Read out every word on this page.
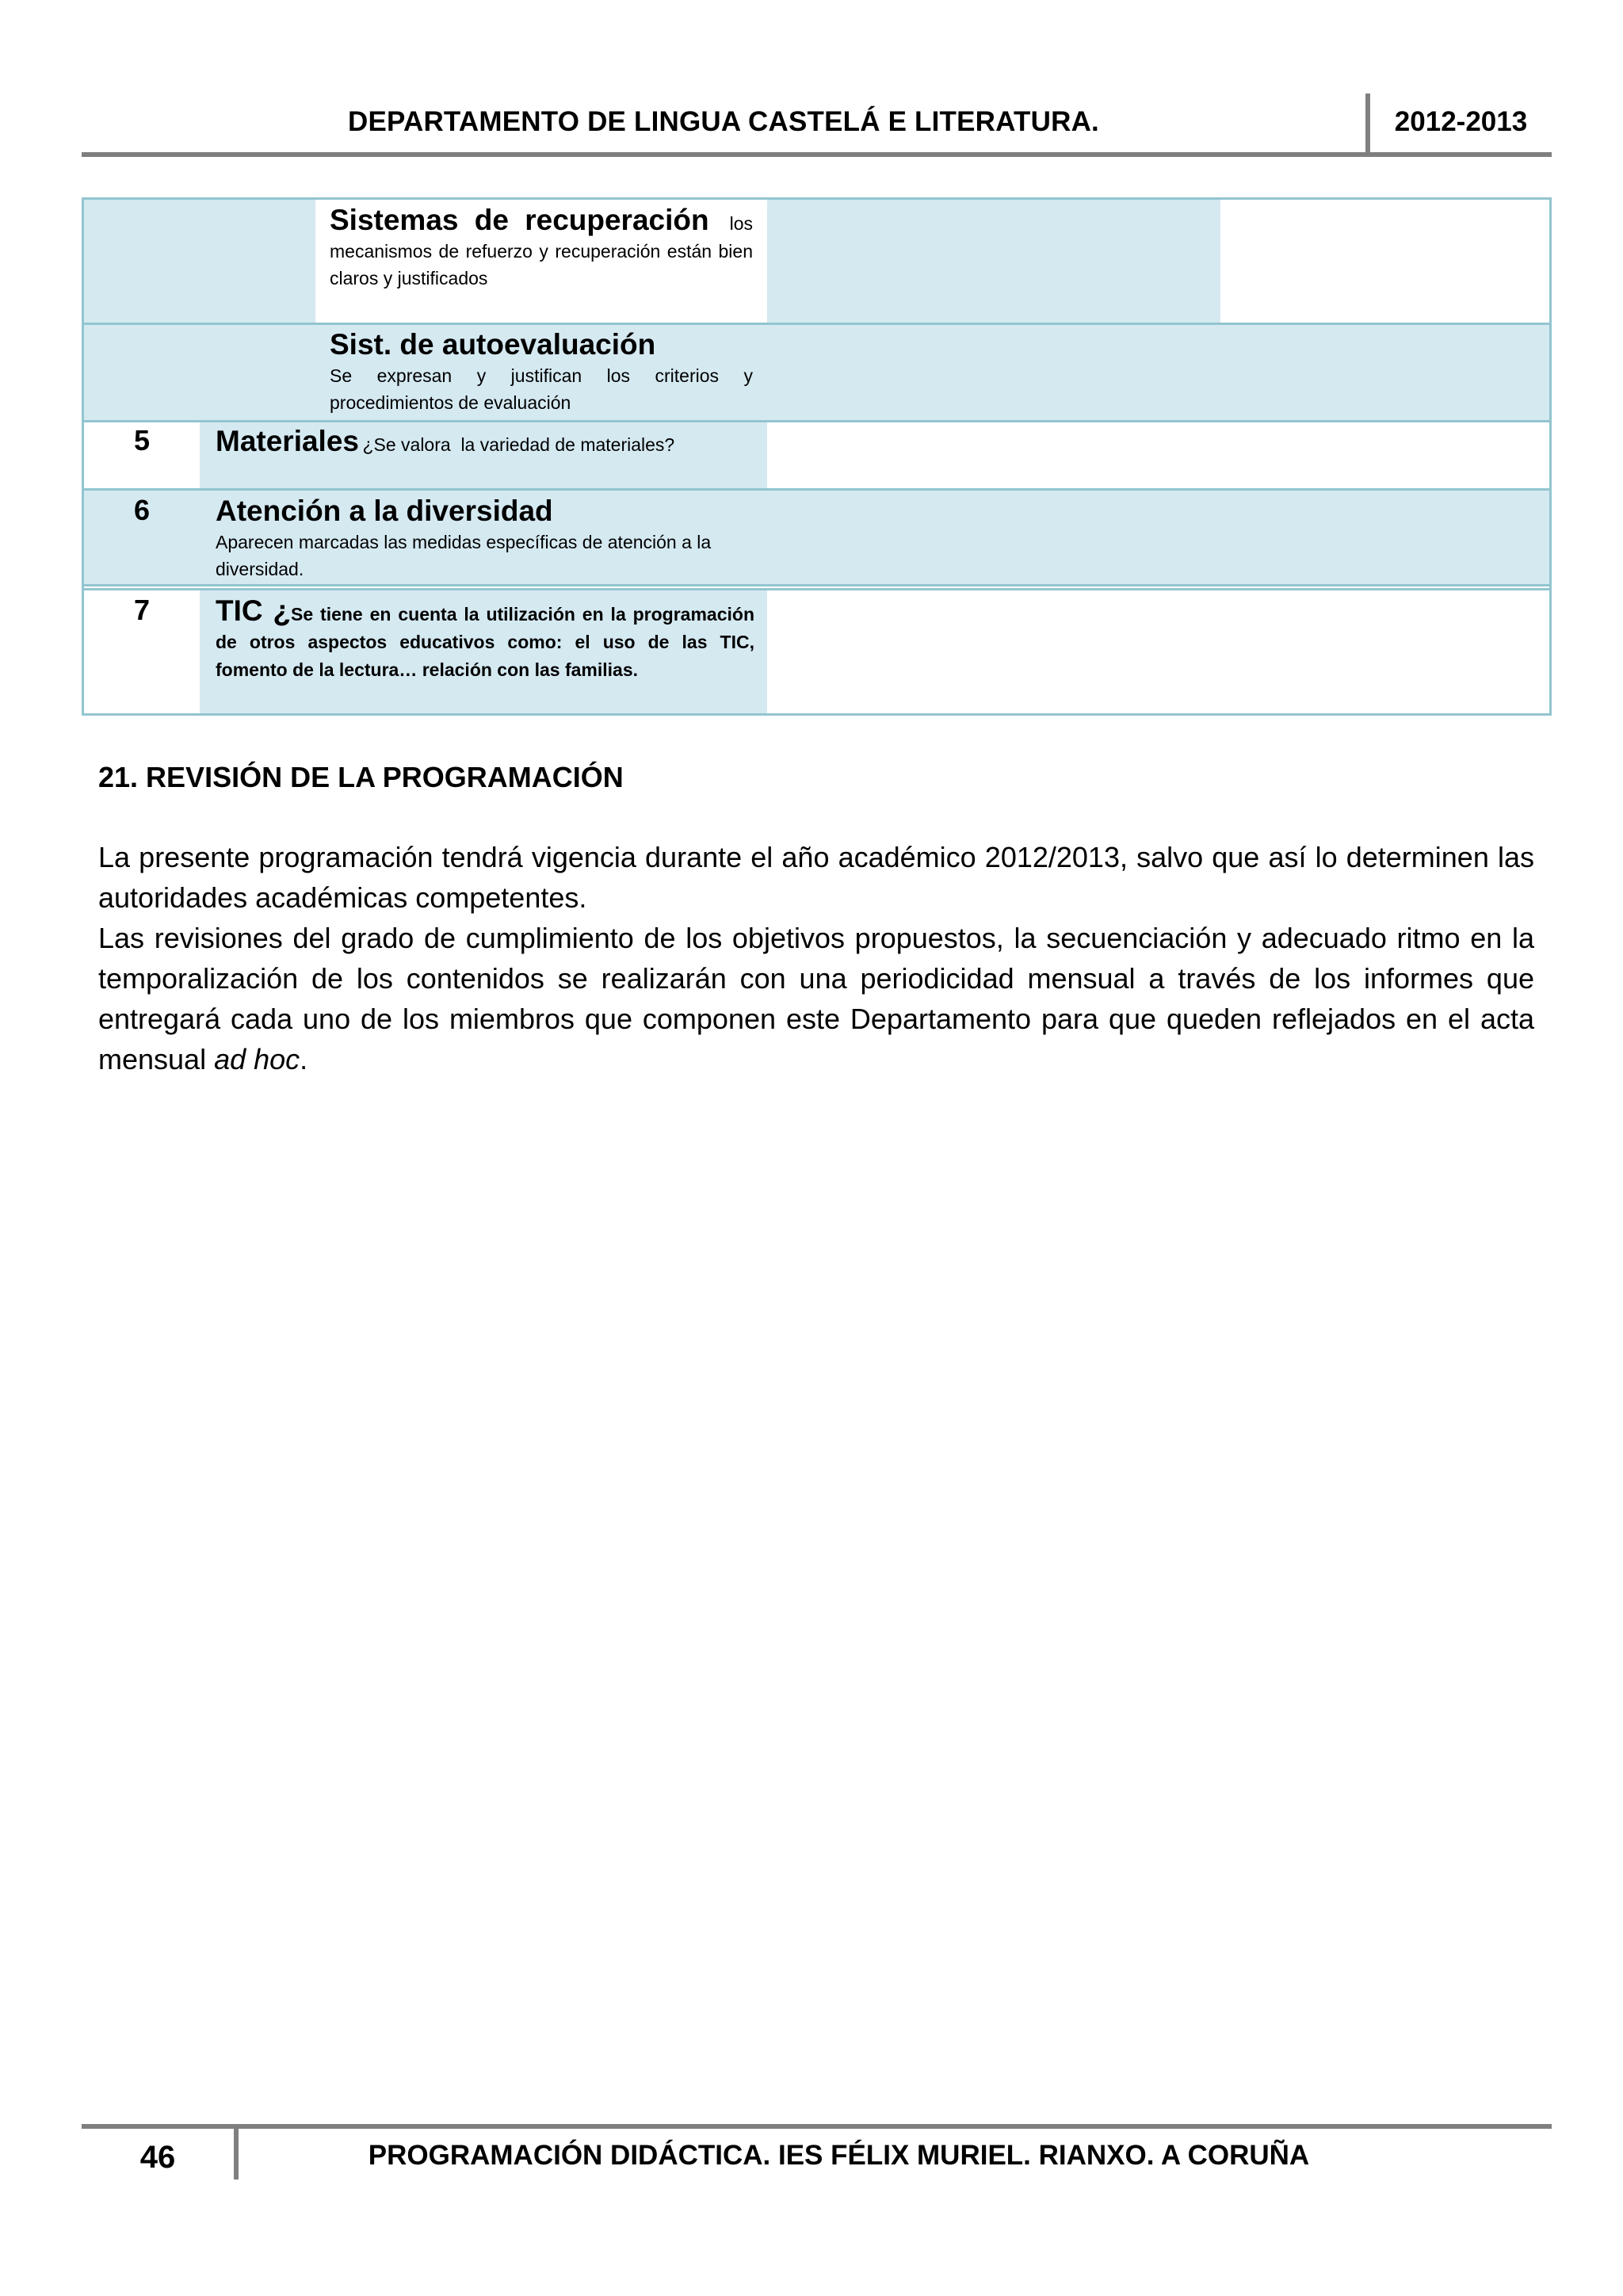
DEPARTAMENTO DE LINGUA CASTELÁ E LITERATURA.	2012-2013
Sistemas de recuperación los
mecanismos de refuerzo y recuperación están bien claros y justificados
Sist. de autoevaluación
Se expresan y justifican los criterios y procedimientos de evaluación
5	Materiales ¿Se valora  la variedad de materiales?
6	Atención a la diversidad
Aparecen marcadas las medidas específicas de atención a la diversidad.
7	TIC ¿Se tiene en cuenta la utilización en la programación de otros aspectos educativos como: el uso de las TIC, fomento de la lectura… relación con las familias.
21. REVISIÓN DE LA PROGRAMACIÓN
La presente programación tendrá vigencia durante el año académico 2012/2013, salvo que así lo determinen las autoridades académicas competentes.
Las revisiones del grado de cumplimiento de los objetivos propuestos, la secuenciación y adecuado ritmo en la temporalización de los contenidos se realizarán con una periodicidad mensual a través de los informes que entregará cada uno de los miembros que componen este Departamento para que queden reflejados en el acta mensual ad hoc.
46	PROGRAMACIÓN DIDÁCTICA. IES FÉLIX MURIEL. RIANXO. A CORUÑA
